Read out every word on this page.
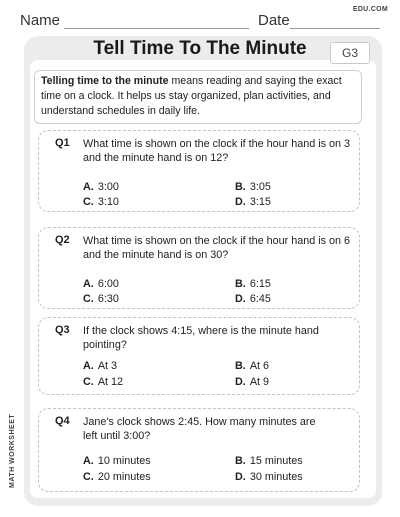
Name	Date
EDU.COM
Tell Time To The Minute	G3
Telling time to the minute means reading and saying the exact time on a clock. It helps us stay organized, plan activities, and understand schedules in daily life.
Q1 What time is shown on the clock if the hour hand is on 3 and the minute hand is on 12?
A. 3:00	B. 3:05
C. 3:10	D. 3:15
Q2 What time is shown on the clock if the hour hand is on 6 and the minute hand is on 30?
A. 6:00	B. 6:15
C. 6:30	D. 6:45
Q3 If the clock shows 4:15, where is the minute hand pointing?
A. At 3	B. At 6
C. At 12	D. At 9
Q4 Jane's clock shows 2:45. How many minutes are left until 3:00?
A. 10 minutes	B. 15 minutes
C. 20 minutes	D. 30 minutes
MATH WORKSHEET
